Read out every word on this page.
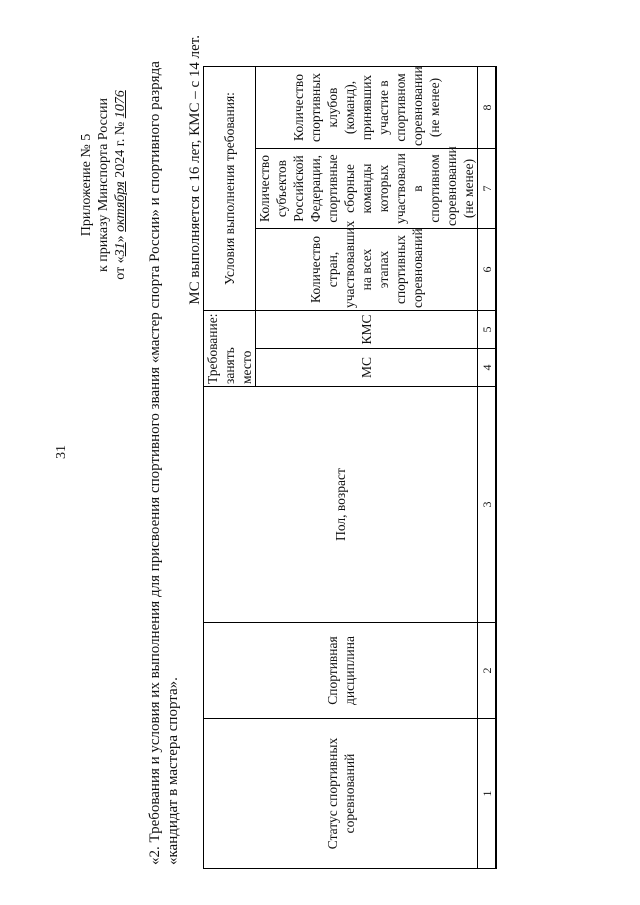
31
Приложение № 5 к приказу Минспорта России от «31» октября 2024 г. № 1076 «2. Требования и условия их выполнения для присвоения спортивного звания «мастер спорта России» и спортивного разряда «кандидат в мастера спорта».
МС выполняется с 16 лет, КМС – с 14 лет.
Статус спортивных соревнований	Спортивная дисциплина	Пол, возраст	Требование: занять место		Условия выполнения требования:		
			МС	КМС	Количество стран, участвовавших на всех этапах спортивных соревнований	Количество субъектов Российской Федерации, спортивные сборные команды которых участвовали в спортивном соревновании (не менее)	Количество спортивных клубов (команд), принявших участие в спортивном соревновании (не менее)
1	2	3	4	5	6	7	8
